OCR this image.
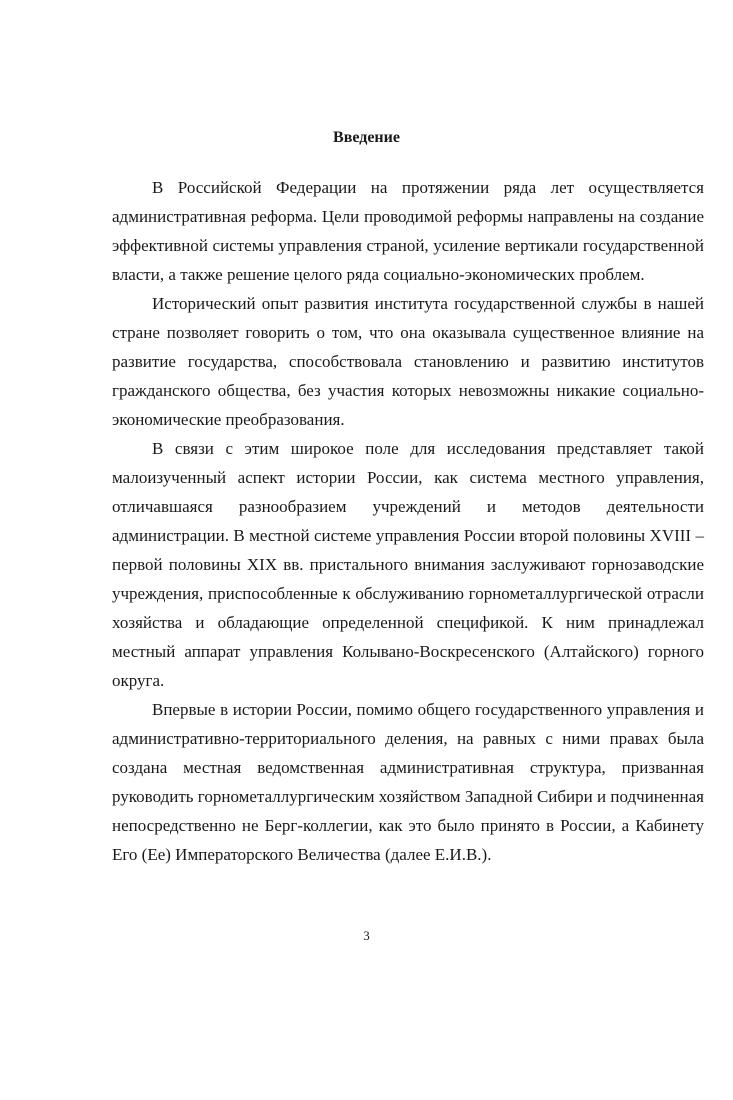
Введение

В Российской Федерации на протяжении ряда лет осуществляется административная реформа. Цели проводимой реформы направлены на создание эффективной системы управления страной, усиление вертикали государственной власти, а также решение целого ряда социально-экономических проблем.

Исторический опыт развития института государственной службы в нашей стране позволяет говорить о том, что она оказывала существенное влияние на развитие государства, способствовала становлению и развитию институтов гражданского общества, без участия которых невозможны никакие социально-экономические преобразования.

В связи с этим широкое поле для исследования представляет такой малоизученный аспект истории России, как система местного управления, отличавшаяся разнообразием учреждений и методов деятельности администрации. В местной системе управления России второй половины XVIII – первой половины XIX вв. пристального внимания заслуживают горнозаводские учреждения, приспособленные к обслуживанию горнометаллургической отрасли хозяйства и обладающие определенной спецификой. К ним принадлежал местный аппарат управления Колывано-Воскресенского (Алтайского) горного округа.

Впервые в истории России, помимо общего государственного управления и административно-территориального деления, на равных с ними правах была создана местная ведомственная административная структура, призванная руководить горнометаллургическим хозяйством Западной Сибири и подчиненная непосредственно не Берг-коллегии, как это было принято в России, а Кабинету Его (Ее) Императорского Величества (далее Е.И.В.).

3
